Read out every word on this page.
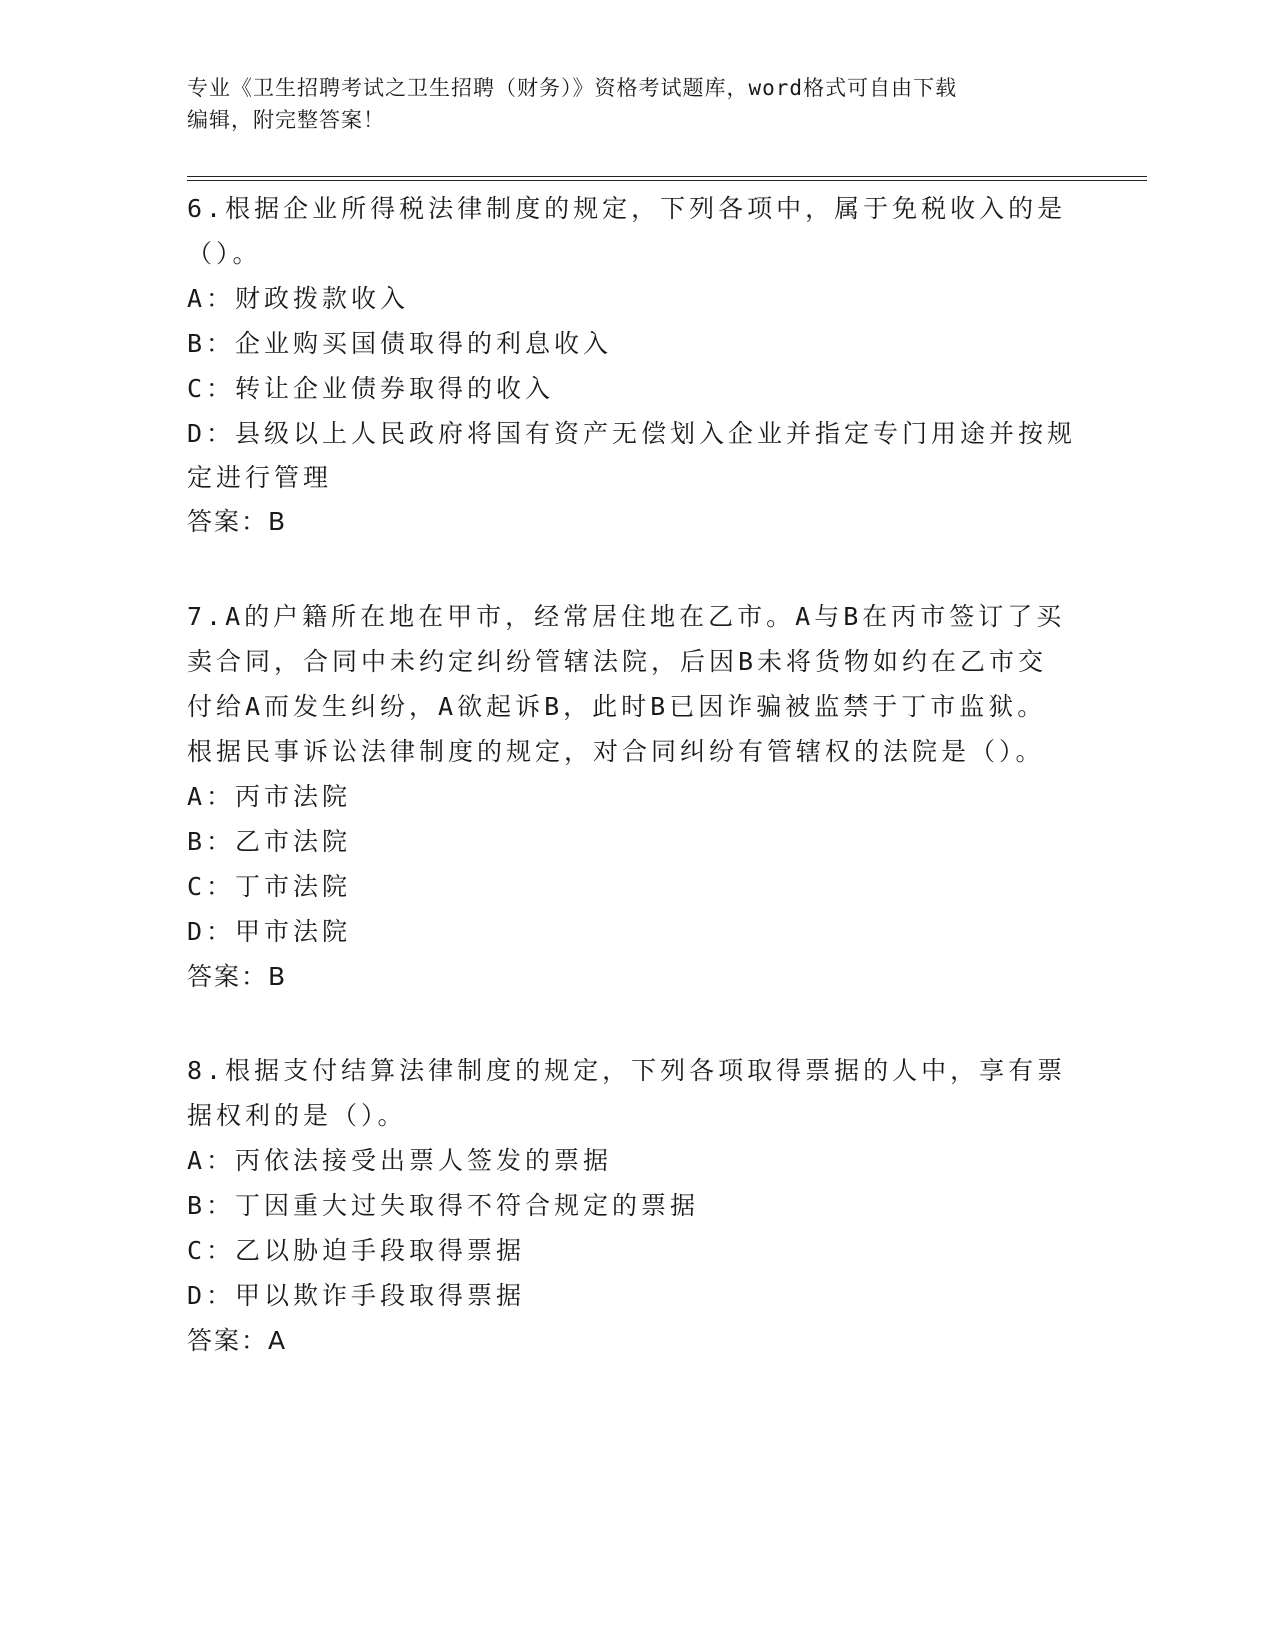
专业《卫生招聘考试之卫生招聘（财务）》资格考试题库，word格式可自由下载
编辑，附完整答案！
6.根据企业所得税法律制度的规定，下列各项中，属于免税收入的是
（）。
A：财政拨款收入
B：企业购买国债取得的利息收入
C：转让企业债券取得的收入
D：县级以上人民政府将国有资产无偿划入企业并指定专门用途并按规
定进行管理
答案：B
7.A的户籍所在地在甲市，经常居住地在乙市。A与B在丙市签订了买
卖合同，合同中未约定纠纷管辖法院，后因B未将货物如约在乙市交
付给A而发生纠纷，A欲起诉B，此时B已因诈骗被监禁于丁市监狱。
根据民事诉讼法律制度的规定，对合同纠纷有管辖权的法院是（）。
A：丙市法院
B：乙市法院
C：丁市法院
D：甲市法院
答案：B
8.根据支付结算法律制度的规定，下列各项取得票据的人中，享有票
据权利的是（）。
A：丙依法接受出票人签发的票据
B：丁因重大过失取得不符合规定的票据
C：乙以胁迫手段取得票据
D：甲以欺诈手段取得票据
答案：A
